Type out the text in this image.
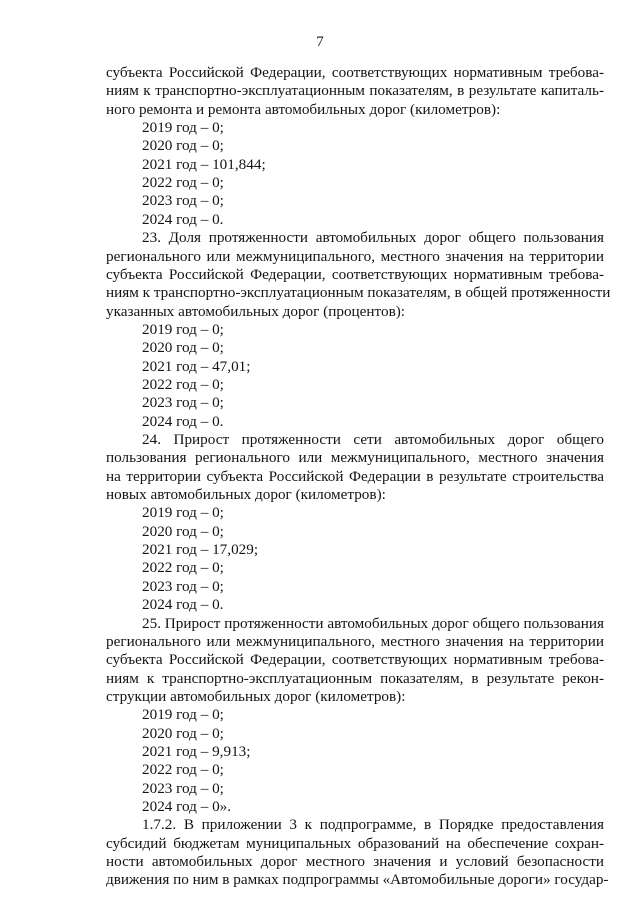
7
субъекта Российской Федерации, соответствующих нормативным требова-
ниям к транспортно-эксплуатационным показателям, в результате капиталь-
ного ремонта и ремонта автомобильных дорог (километров):
2019 год – 0;
2020 год – 0;
2021 год – 101,844;
2022 год – 0;
2023 год – 0;
2024 год – 0.
23. Доля протяженности автомобильных дорог общего пользования
регионального или межмуниципального, местного значения на территории
субъекта Российской Федерации, соответствующих нормативным требова-
ниям к транспортно-эксплуатационным показателям, в общей протяженности
указанных автомобильных дорог (процентов):
2019 год – 0;
2020 год – 0;
2021 год – 47,01;
2022 год – 0;
2023 год – 0;
2024 год – 0.
24. Прирост протяженности сети автомобильных дорог общего
пользования регионального или межмуниципального, местного значения
на территории субъекта Российской Федерации в результате строительства
новых автомобильных дорог (километров):
2019 год – 0;
2020 год – 0;
2021 год – 17,029;
2022 год – 0;
2023 год – 0;
2024 год – 0.
25. Прирост протяженности автомобильных дорог общего пользования
регионального или межмуниципального, местного значения на территории
субъекта Российской Федерации, соответствующих нормативным требова-
ниям к транспортно-эксплуатационным показателям, в результате рекон-
струкции автомобильных дорог (километров):
2019 год – 0;
2020 год – 0;
2021 год – 9,913;
2022 год – 0;
2023 год – 0;
2024 год – 0».
1.7.2. В приложении 3 к подпрограмме, в Порядке предоставления
субсидий бюджетам муниципальных образований на обеспечение сохран-
ности автомобильных дорог местного значения и условий безопасности
движения по ним в рамках подпрограммы «Автомобильные дороги» государ-
